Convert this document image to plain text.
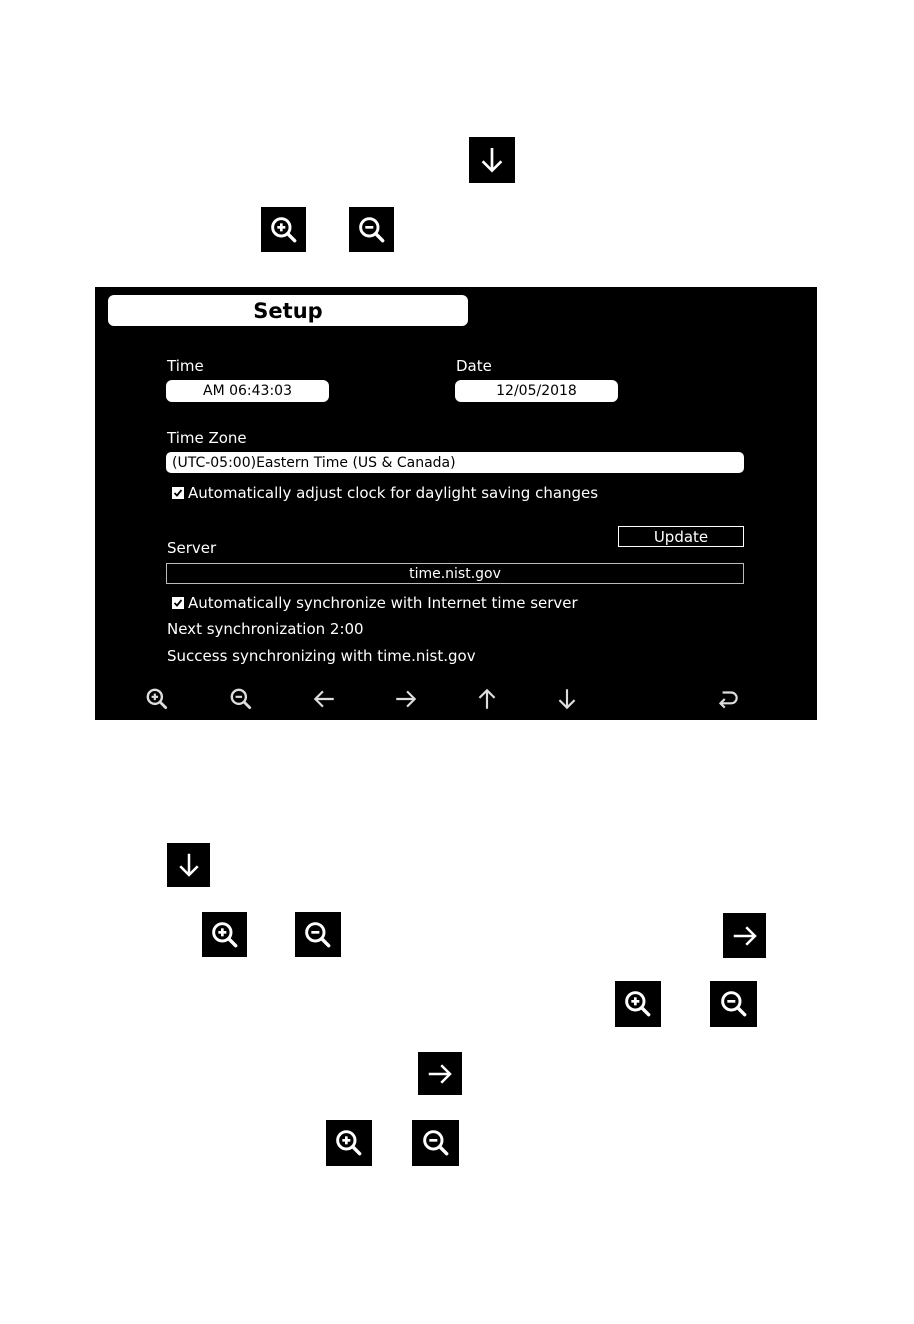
Setup
Time
AM 06:43:03
Date
12/05/2018
Time Zone
(UTC-05:00)Eastern Time (US & Canada)
Automatically adjust clock for daylight saving changes
Update
Server
time.nist.gov
Automatically synchronize with Internet time server
Next synchronization 2:00
Success synchronizing with time.nist.gov
